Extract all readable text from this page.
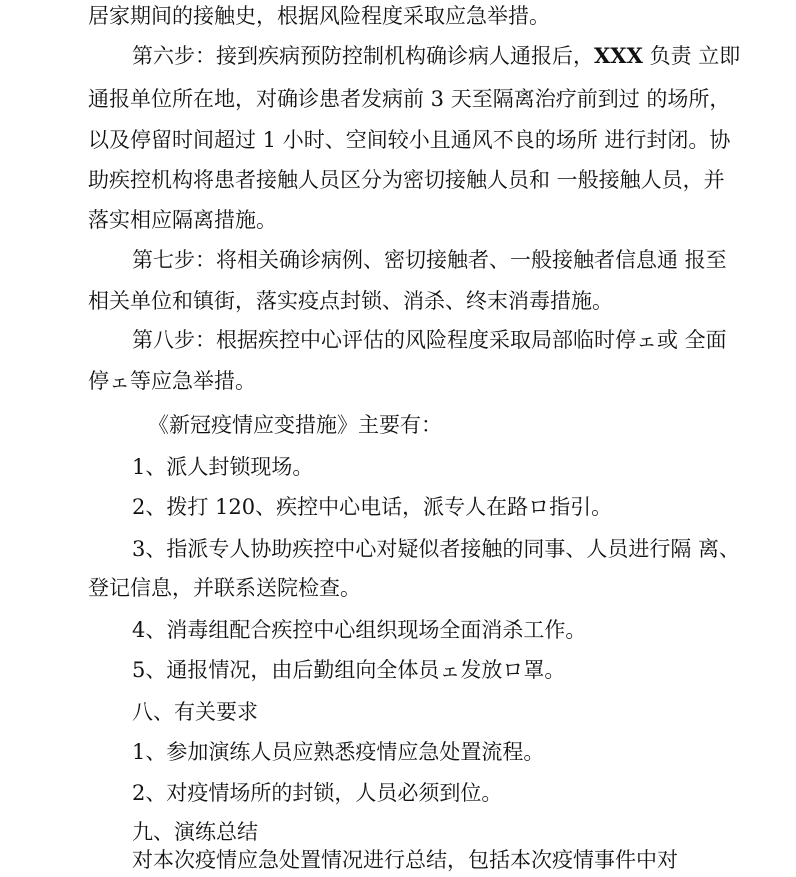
居家期间的接触史，根据风险程度采取应急举措。
第六步：接到疾病预防控制机构确诊病人通报后，XXX 负责 立即
通报单位所在地，对确诊患者发病前 3 天至隔离治疗前到过 的场所，
以及停留时间超过 1 小时、空间较小且通风不良的场所 进行封闭。协
助疾控机构将患者接触人员区分为密切接触人员和 一般接触人员，并
落实相应隔离措施。
第七步：将相关确诊病例、密切接触者、一般接触者信息通 报至
相关单位和镇街，落实疫点封锁、消杀、终末消毒措施。
第八步：根据疾控中心评估的风险程度采取局部临时停ェ或 全面
停ェ等应急举措。
《新冠疫情应变措施》主要有：
1、派人封锁现场。
2、拨打 120、疾控中心电话，派专人在路ロ指引。
3、指派专人协助疾控中心对疑似者接触的同事、人员进行隔 离、
登记信息，并联系送院检查。
4、消毒组配合疾控中心组织现场全面消杀工作。
5、通报情况，由后勤组向全体员ェ发放ロ罩。
八、有关要求
1、参加演练人员应熟悉疫情应急处置流程。
2、对疫情场所的封锁，人员必须到位。
九、演练总结
对本次疫情应急处置情况进行总结，包括本次疫情事件中对
